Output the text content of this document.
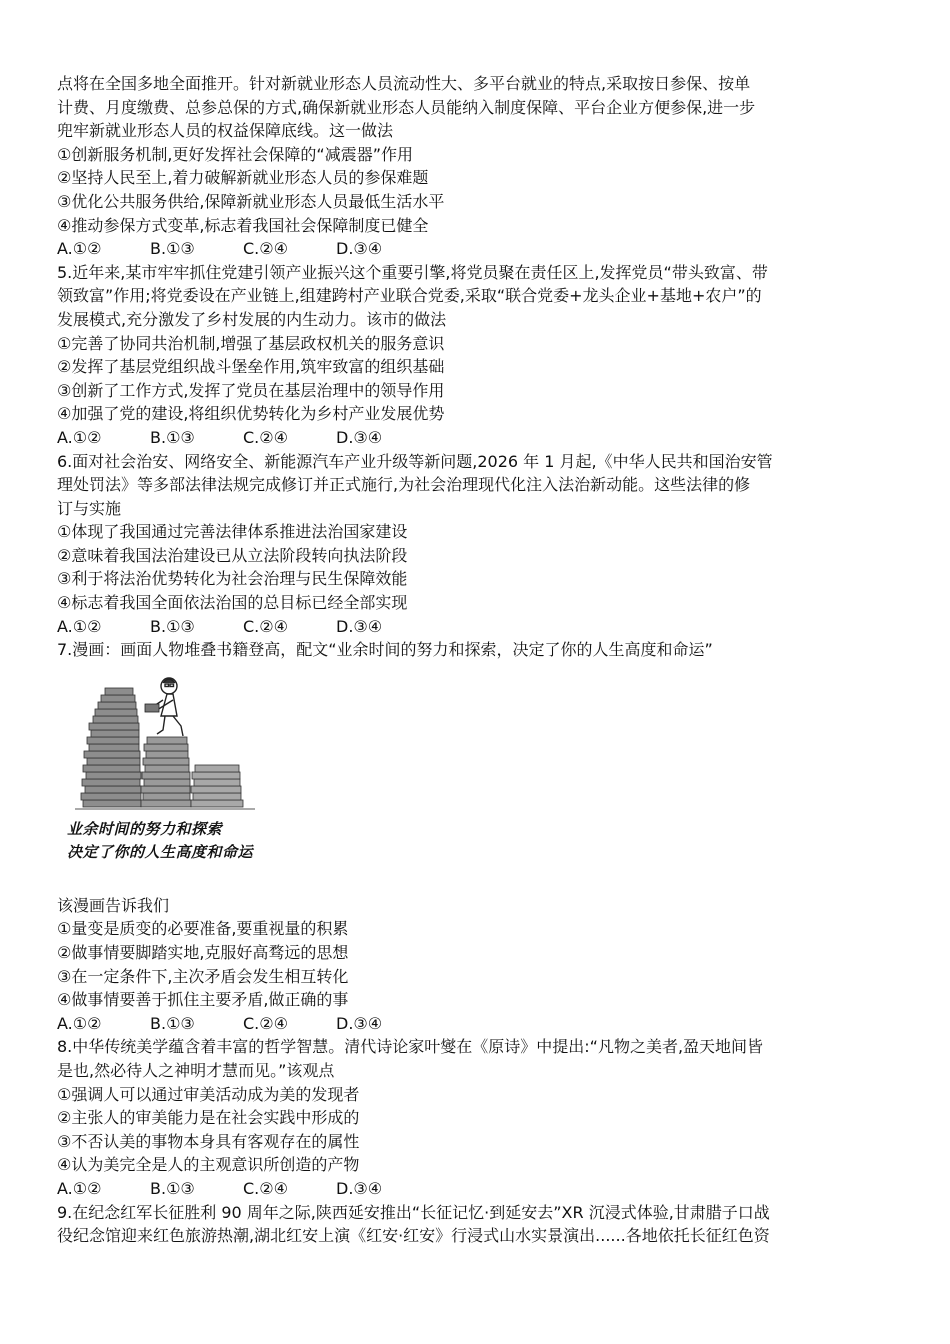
点将在全国多地全面推开。针对新就业形态人员流动性大、多平台就业的特点,采取按日参保、按单
计费、月度缴费、总参总保的方式,确保新就业形态人员能纳入制度保障、平台企业方便参保,进一步
兜牢新就业形态人员的权益保障底线。这一做法
①创新服务机制,更好发挥社会保障的“减震器”作用
②坚持人民至上,着力破解新就业形态人员的参保难题
③优化公共服务供给,保障新就业形态人员最低生活水平
④推动参保方式变革,标志着我国社会保障制度已健全
A.①②	B.①③	C.②④	D.③④
5.近年来,某市牢牢抓住党建引领产业振兴这个重要引擎,将党员聚在责任区上,发挥党员“带头致富、带
领致富”作用;将党委设在产业链上,组建跨村产业联合党委,采取“联合党委+龙头企业+基地+农户”的
发展模式,充分激发了乡村发展的内生动力。该市的做法
①完善了协同共治机制,增强了基层政权机关的服务意识
②发挥了基层党组织战斗堡垒作用,筑牢致富的组织基础
③创新了工作方式,发挥了党员在基层治理中的领导作用
④加强了党的建设,将组织优势转化为乡村产业发展优势
A.①②	B.①③	C.②④	D.③④
6.面对社会治安、网络安全、新能源汽车产业升级等新问题,2026 年 1 月起,《中华人民共和国治安管
理处罚法》等多部法律法规完成修订并正式施行,为社会治理现代化注入法治新动能。这些法律的修
订与实施
①体现了我国通过完善法律体系推进法治国家建设
②意味着我国法治建设已从立法阶段转向执法阶段
③利于将法治优势转化为社会治理与民生保障效能
④标志着我国全面依法治国的总目标已经全部实现
A.①②	B.①③	C.②④	D.③④
7.漫画：画面人物堆叠书籍登高，配文“业余时间的努力和探索，决定了你的人生高度和命运”
业余时间的努力和探索
决定了你的人生高度和命运
该漫画告诉我们
①量变是质变的必要准备,要重视量的积累
②做事情要脚踏实地,克服好高骛远的思想
③在一定条件下,主次矛盾会发生相互转化
④做事情要善于抓住主要矛盾,做正确的事
A.①②	B.①③	C.②④	D.③④
8.中华传统美学蕴含着丰富的哲学智慧。清代诗论家叶燮在《原诗》中提出:“凡物之美者,盈天地间皆
是也,然必待人之神明才慧而见。”该观点
①强调人可以通过审美活动成为美的发现者
②主张人的审美能力是在社会实践中形成的
③不否认美的事物本身具有客观存在的属性
④认为美完全是人的主观意识所创造的产物
A.①②	B.①③	C.②④	D.③④
9.在纪念红军长征胜利 90 周年之际,陕西延安推出“长征记忆·到延安去”XR 沉浸式体验,甘肃腊子口战
役纪念馆迎来红色旅游热潮,湖北红安上演《红安·红安》行浸式山水实景演出......各地依托长征红色资
